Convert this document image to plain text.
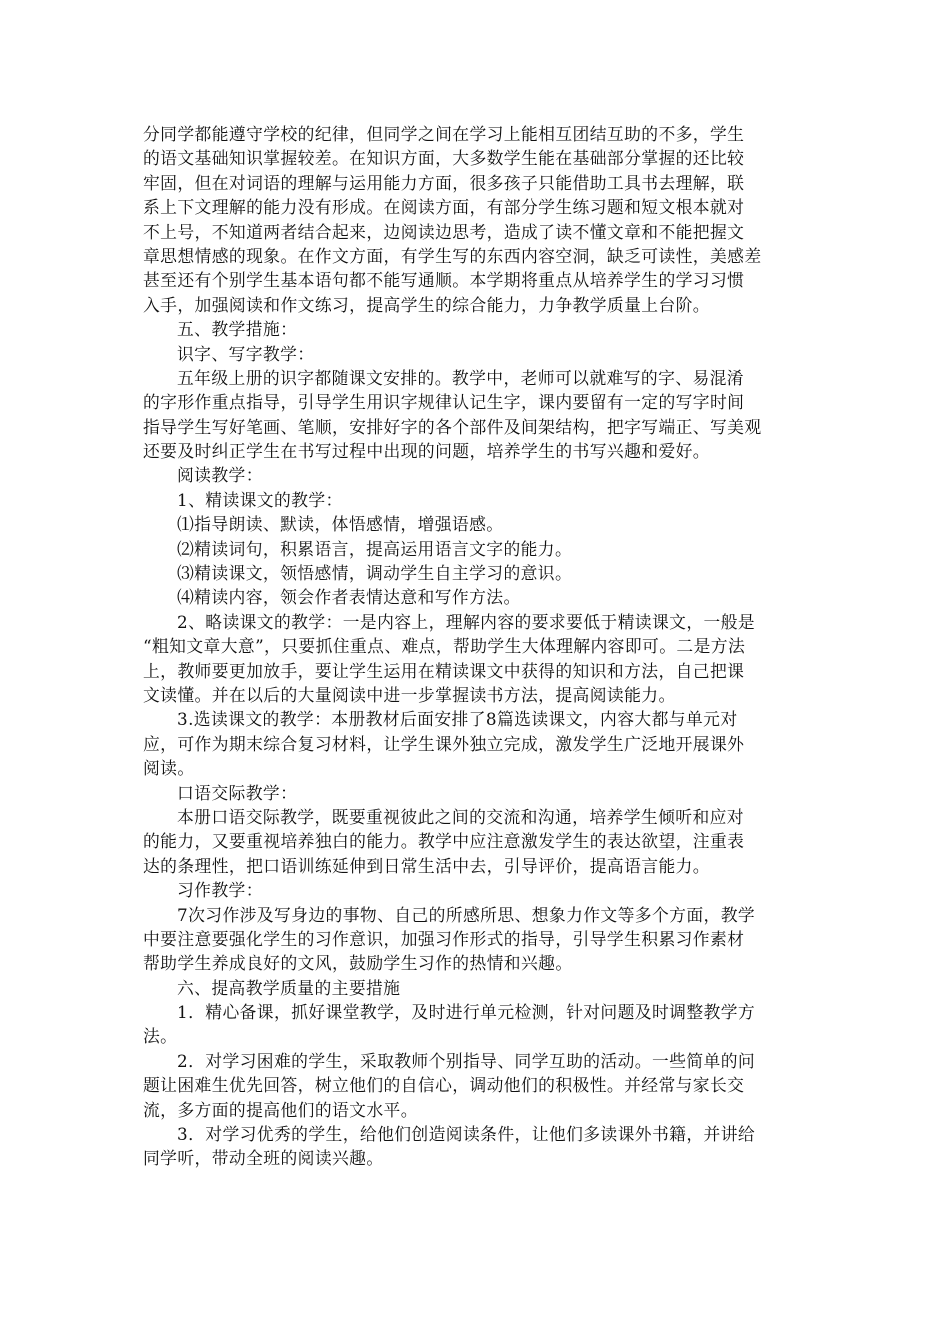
分同学都能遵守学校的纪律，但同学之间在学习上能相互团结互助的不多，学生
的语文基础知识掌握较差。在知识方面，大多数学生能在基础部分掌握的还比较
牢固，但在对词语的理解与运用能力方面，很多孩子只能借助工具书去理解，联
系上下文理解的能力没有形成。在阅读方面，有部分学生练习题和短文根本就对
不上号，不知道两者结合起来，边阅读边思考，造成了读不懂文章和不能把握文
章思想情感的现象。在作文方面，有学生写的东西内容空洞，缺乏可读性，美感差
甚至还有个别学生基本语句都不能写通顺。本学期将重点从培养学生的学习习惯
入手，加强阅读和作文练习，提高学生的综合能力，力争教学质量上台阶。
五、教学措施：
识字、写字教学：
五年级上册的识字都随课文安排的。教学中，老师可以就难写的字、易混淆
的字形作重点指导，引导学生用识字规律认记生字，课内要留有一定的写字时间
指导学生写好笔画、笔顺，安排好字的各个部件及间架结构，把字写端正、写美观
还要及时纠正学生在书写过程中出现的问题，培养学生的书写兴趣和爱好。
阅读教学：
1、精读课文的教学：
⑴指导朗读、默读，体悟感情，增强语感。
⑵精读词句，积累语言，提高运用语言文字的能力。
⑶精读课文，领悟感情，调动学生自主学习的意识。
⑷精读内容，领会作者表情达意和写作方法。
2、略读课文的教学：一是内容上，理解内容的要求要低于精读课文，一般是
“粗知文章大意”，只要抓住重点、难点，帮助学生大体理解内容即可。二是方法
上，教师要更加放手，要让学生运用在精读课文中获得的知识和方法，自己把课
文读懂。并在以后的大量阅读中进一步掌握读书方法，提高阅读能力。
3.选读课文的教学：本册教材后面安排了8篇选读课文，内容大都与单元对
应，可作为期末综合复习材料，让学生课外独立完成，激发学生广泛地开展课外
阅读。
口语交际教学：
本册口语交际教学，既要重视彼此之间的交流和沟通，培养学生倾听和应对
的能力，又要重视培养独白的能力。教学中应注意激发学生的表达欲望，注重表
达的条理性，把口语训练延伸到日常生活中去，引导评价，提高语言能力。
习作教学：
7次习作涉及写身边的事物、自己的所感所思、想象力作文等多个方面，教学
中要注意要强化学生的习作意识，加强习作形式的指导，引导学生积累习作素材
帮助学生养成良好的文风，鼓励学生习作的热情和兴趣。
六、提高教学质量的主要措施
1．精心备课，抓好课堂教学，及时进行单元检测，针对问题及时调整教学方
法。
2．对学习困难的学生，采取教师个别指导、同学互助的活动。一些简单的问
题让困难生优先回答，树立他们的自信心，调动他们的积极性。并经常与家长交
流，多方面的提高他们的语文水平。
3．对学习优秀的学生，给他们创造阅读条件，让他们多读课外书籍，并讲给
同学听，带动全班的阅读兴趣。
